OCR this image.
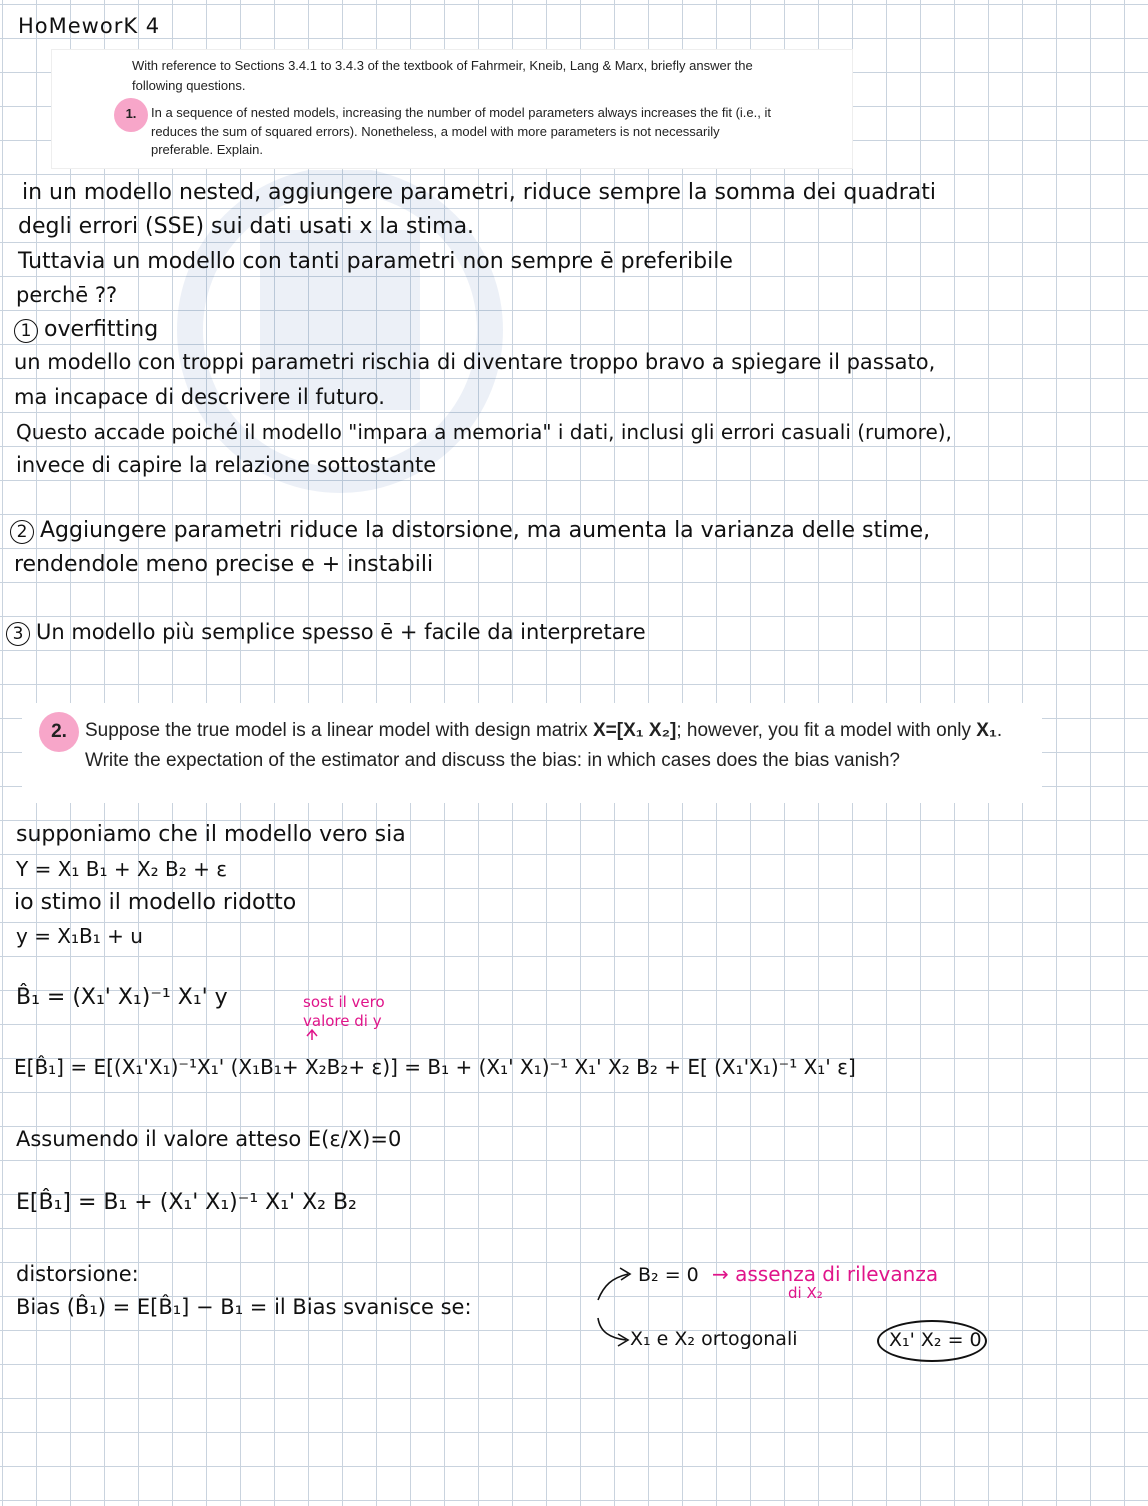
HoMeworK 4
With reference to Sections 3.4.1 to 3.4.3 of the textbook of Fahrmeir, Kneib, Lang & Marx, briefly answer the following questions.
1.	In a sequence of nested models, increasing the number of model parameters always increases the fit (i.e., it reduces the sum of squared errors). Nonetheless, a model with more parameters is not necessarily preferable. Explain.
in un modello nested, aggiungere parametri, riduce sempre la somma dei quadrati
degli errori (SSE) sui dati usati x la stima.
Tuttavia un modello con tanti parametri non sempre ē preferibile
perchē ??
1 overfitting
un modello con troppi parametri rischia di diventare troppo bravo a spiegare il passato,
ma incapace di descrivere il futuro.
Questo accade poiché il modello "impara a memoria" i dati, inclusi gli errori casuali (rumore),
invece di capire la relazione sottostante
2 Aggiungere parametri riduce la distorsione, ma aumenta la varianza delle stime,
rendendole meno precise e + instabili
3 Un modello più semplice spesso ē + facile da interpretare
2. Suppose the true model is a linear model with design matrix X=[X₁ X₂]; however, you fit a model with only X₁. Write the expectation of the estimator and discuss the bias: in which cases does the bias vanish?
supponiamo che il modello vero sia
Y = X₁ B₁ + X₂ B₂ + ε
io stimo il modello ridotto
y = X₁B₁ + u
B̂₁ = (X₁' X₁)⁻¹ X₁' y	sost il vero
valore di y
E[B̂₁] = E[(X₁'X₁)⁻¹X₁' (X₁B₁+ X₂B₂+ ε)] = B₁ + (X₁' X₁)⁻¹ X₁' X₂ B₂ + E[ (X₁'X₁)⁻¹ X₁' ε]
Assumendo il valore atteso E(ε/X)=0
E[B̂₁] = B₁ + (X₁' X₁)⁻¹ X₁' X₂ B₂
distorsione:
Bias (B̂₁) = E[B̂₁] − B₁ = il Bias svanisce se:
B₂ = 0 → assenza di rilevanza
di X₂
X₁ e X₂ ortogonali	X₁' X₂ = 0
